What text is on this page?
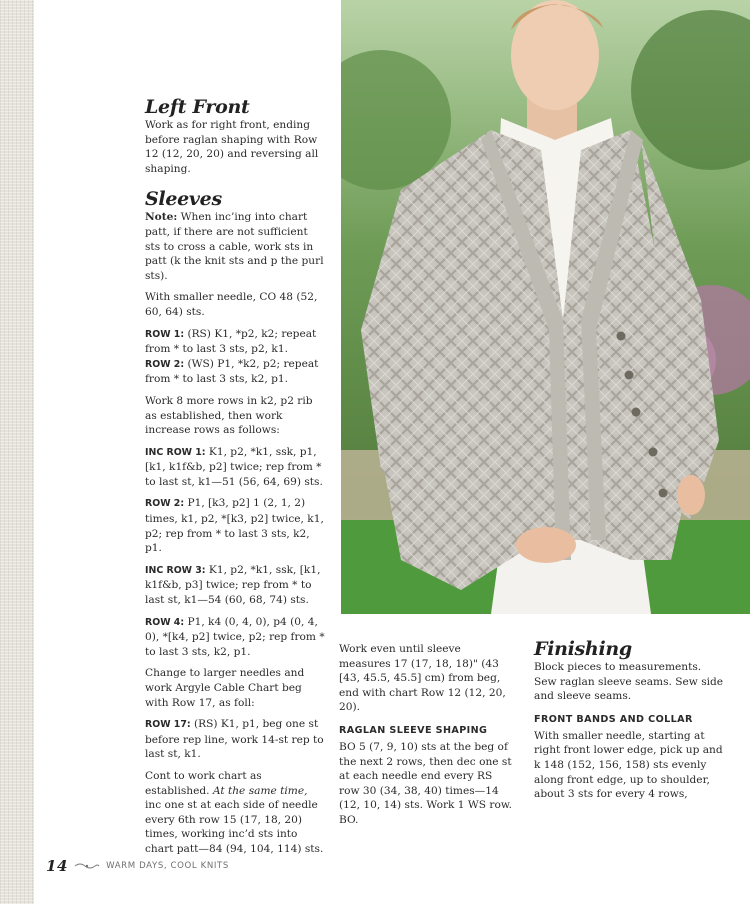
Left Front

Work as for right front, ending before raglan shaping with Row 12 (12, 20, 20) and reversing all shaping.

Sleeves

Note: When inc’ing into chart patt, if there are not sufficient sts to cross a cable, work sts in patt (k the knit sts and p the purl sts).

With smaller needle, CO 48 (52, 60, 64) sts.

ROW 1: (RS) K1, *p2, k2; repeat from * to last 3 sts, p2, k1.
ROW 2: (WS) P1, *k2, p2; repeat from * to last 3 sts, k2, p1.

Work 8 more rows in k2, p2 rib as established, then work increase rows as follows:

INC ROW 1: K1, p2, *k1, ssk, p1, [k1, k1f&b, p2] twice; rep from * to last st, k1—51 (56, 64, 69) sts.

ROW 2: P1, [k3, p2] 1 (2, 1, 2) times, k1, p2, *[k3, p2] twice, k1, p2; rep from * to last 3 sts, k2, p1.

INC ROW 3: K1, p2, *k1, ssk, [k1, k1f&b, p3] twice; rep from * to last st, k1—54 (60, 68, 74) sts.

ROW 4: P1, k4 (0, 4, 0), p4 (0, 4, 0), *[k4, p2] twice, p2; rep from * to last 3 sts, k2, p1.

Change to larger needles and work Argyle Cable Chart beg with Row 17, as foll:

ROW 17: (RS) K1, p1, beg one st before rep line, work 14-st rep to last st, k1.

Cont to work chart as established. At the same time, inc one st at each side of needle every 6th row 15 (17, 18, 20) times, working inc’d sts into chart patt—84 (94, 104, 114) sts.

Work even until sleeve measures 17 (17, 18, 18)" (43 [43, 45.5, 45.5] cm) from beg, end with chart Row 12 (12, 20, 20).

RAGLAN SLEEVE SHAPING

BO 5 (7, 9, 10) sts at the beg of the next 2 rows, then dec one st at each needle end every RS row 30 (34, 38, 40) times—14 (12, 10, 14) sts. Work 1 WS row. BO.

Finishing

Block pieces to measurements. Sew raglan sleeve seams. Sew side and sleeve seams.

FRONT BANDS AND COLLAR

With smaller needle, starting at right front lower edge, pick up and k 148 (152, 156, 158) sts evenly along front edge, up to shoulder, about 3 sts for every 4 rows,

14	WARM DAYS, COOL KNITS
